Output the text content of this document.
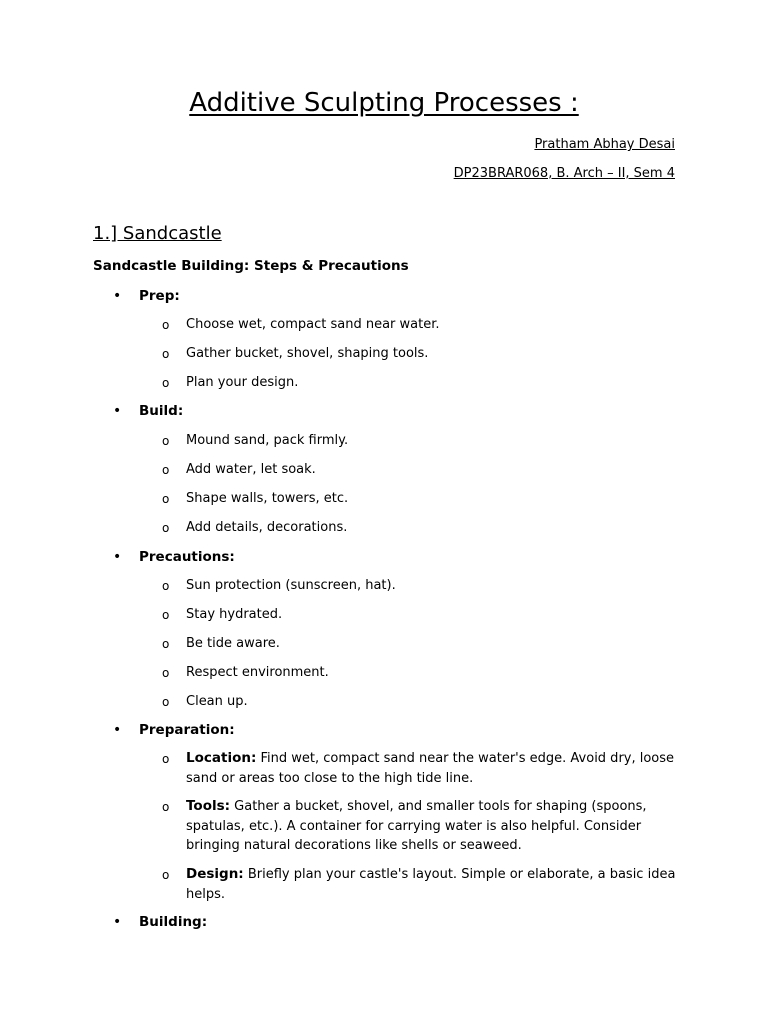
Additive Sculpting Processes :
Pratham Abhay Desai
DP23BRAR068, B. Arch – II, Sem 4
1.] Sandcastle
Sandcastle Building: Steps & Precautions
• Prep:
o Choose wet, compact sand near water.
o Gather bucket, shovel, shaping tools.
o Plan your design.
• Build:
o Mound sand, pack firmly.
o Add water, let soak.
o Shape walls, towers, etc.
o Add details, decorations.
• Precautions:
o Sun protection (sunscreen, hat).
o Stay hydrated.
o Be tide aware.
o Respect environment.
o Clean up.
• Preparation:
o Location: Find wet, compact sand near the water's edge. Avoid dry, loose sand or areas too close to the high tide line.
o Tools: Gather a bucket, shovel, and smaller tools for shaping (spoons, spatulas, etc.). A container for carrying water is also helpful. Consider bringing natural decorations like shells or seaweed.
o Design: Briefly plan your castle's layout. Simple or elaborate, a basic idea helps.
• Building:
